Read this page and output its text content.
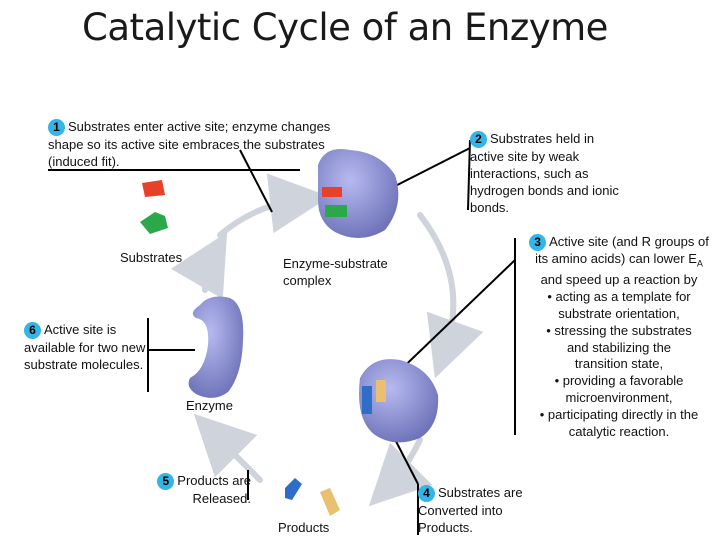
Catalytic Cycle of an Enzyme
1 Substrates enter active site; enzyme changes shape so its active site embraces the substrates (induced fit).
2 Substrates held in active site by weak interactions, such as hydrogen bonds and ionic bonds.
3 Active site (and R groups of
its amino acids) can lower $E_A$
and speed up a reaction by
• acting as a template for
substrate orientation,
• stressing the substrates
and stabilizing the
transition state,
• providing a favorable
microenvironment,
• participating directly in the
catalytic reaction.
4 Substrates are Converted into Products.
5 Products are Released.
6 Active site is available for two new substrate molecules.
Substrates	Enzyme-substrate complex
Enzyme
Products
